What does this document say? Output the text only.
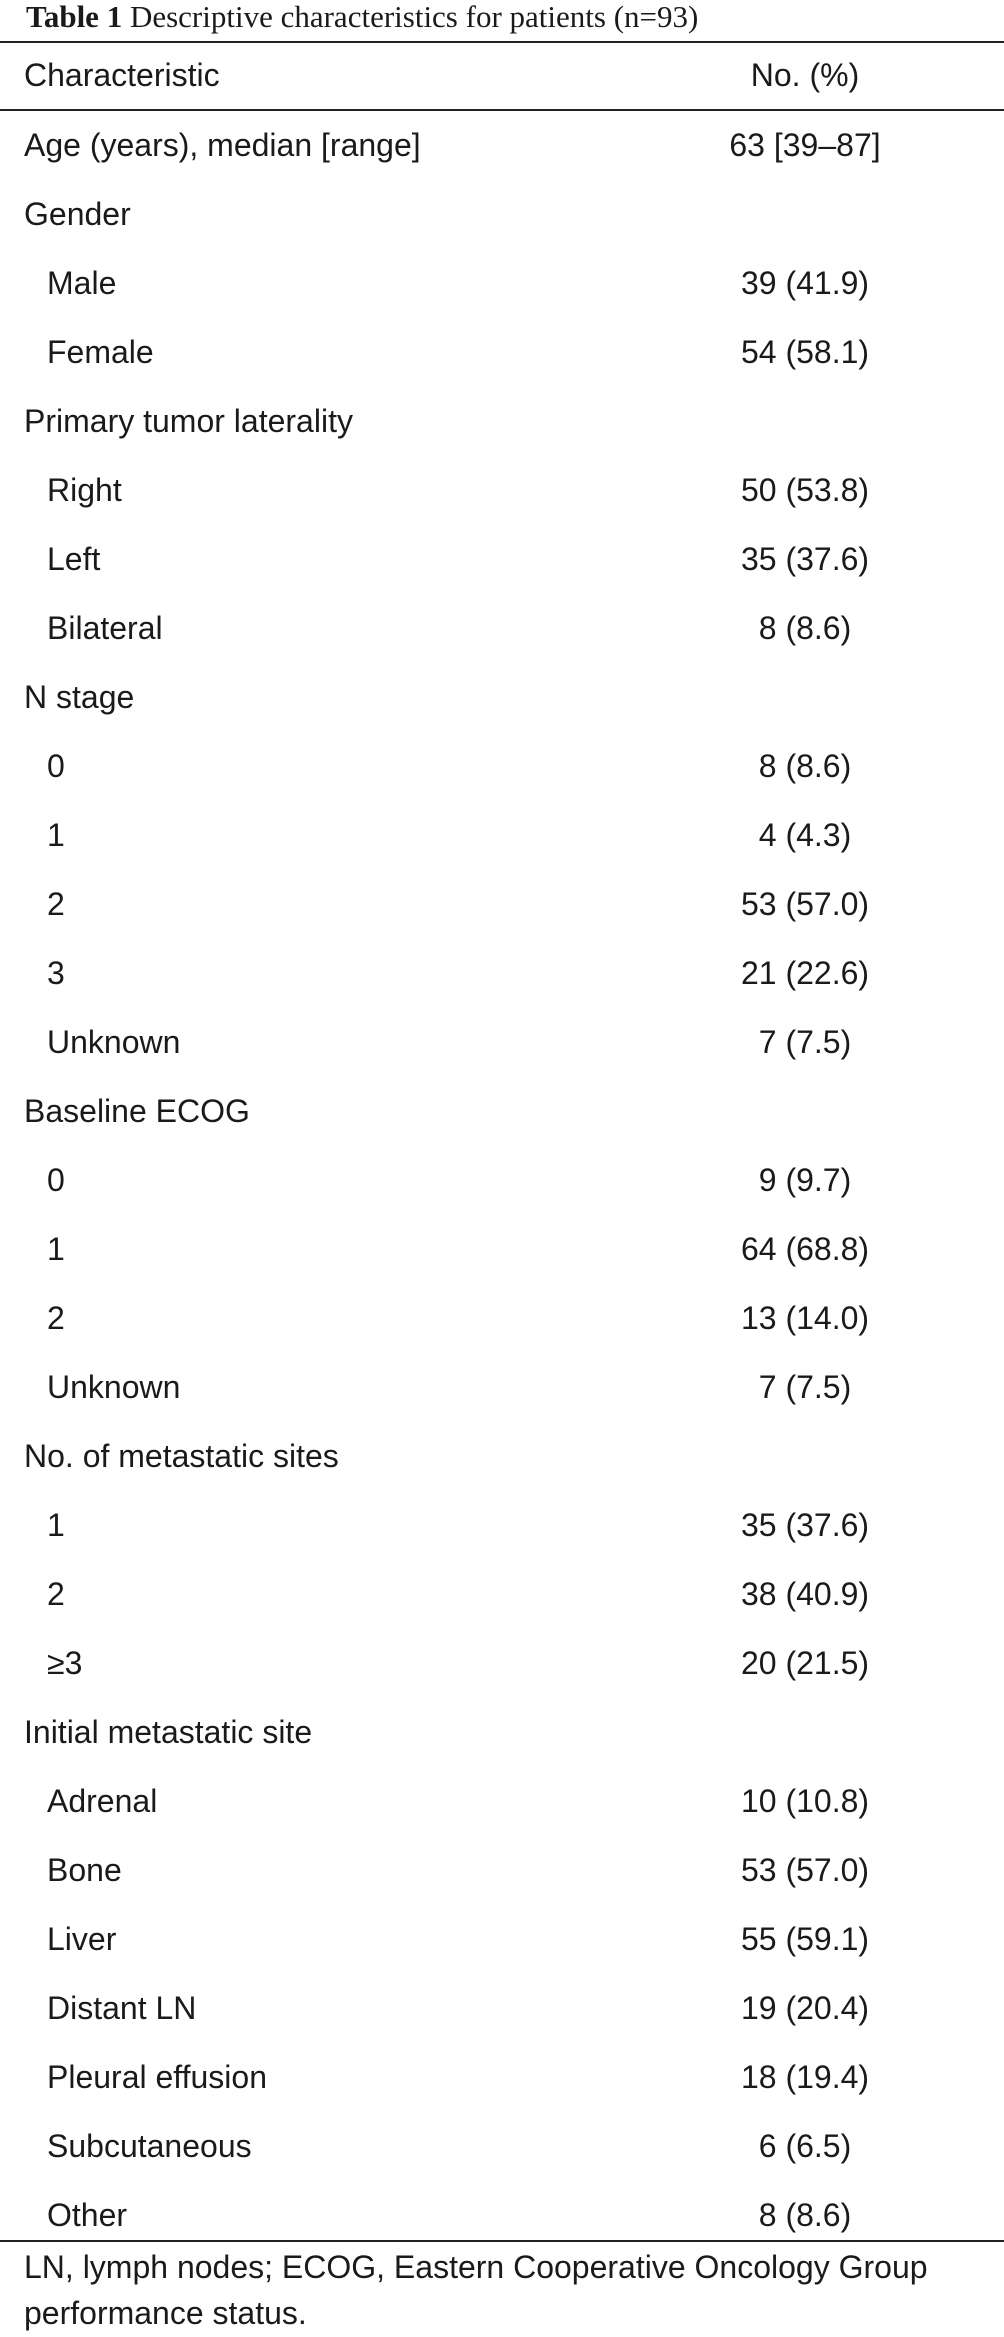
Table 1 Descriptive characteristics for patients (n=93)
Characteristic	No. (%)
Age (years), median [range]	63 [39–87]
Gender
Male	39 (41.9)
Female	54 (58.1)
Primary tumor laterality
Right	50 (53.8)
Left	35 (37.6)
Bilateral	8 (8.6)
N stage
0	8 (8.6)
1	4 (4.3)
2	53 (57.0)
3	21 (22.6)
Unknown	7 (7.5)
Baseline ECOG
0	9 (9.7)
1	64 (68.8)
2	13 (14.0)
Unknown	7 (7.5)
No. of metastatic sites
1	35 (37.6)
2	38 (40.9)
≥3	20 (21.5)
Initial metastatic site
Adrenal	10 (10.8)
Bone	53 (57.0)
Liver	55 (59.1)
Distant LN	19 (20.4)
Pleural effusion	18 (19.4)
Subcutaneous	6 (6.5)
Other	8 (8.6)
LN, lymph nodes; ECOG, Eastern Cooperative Oncology Group performance status.
